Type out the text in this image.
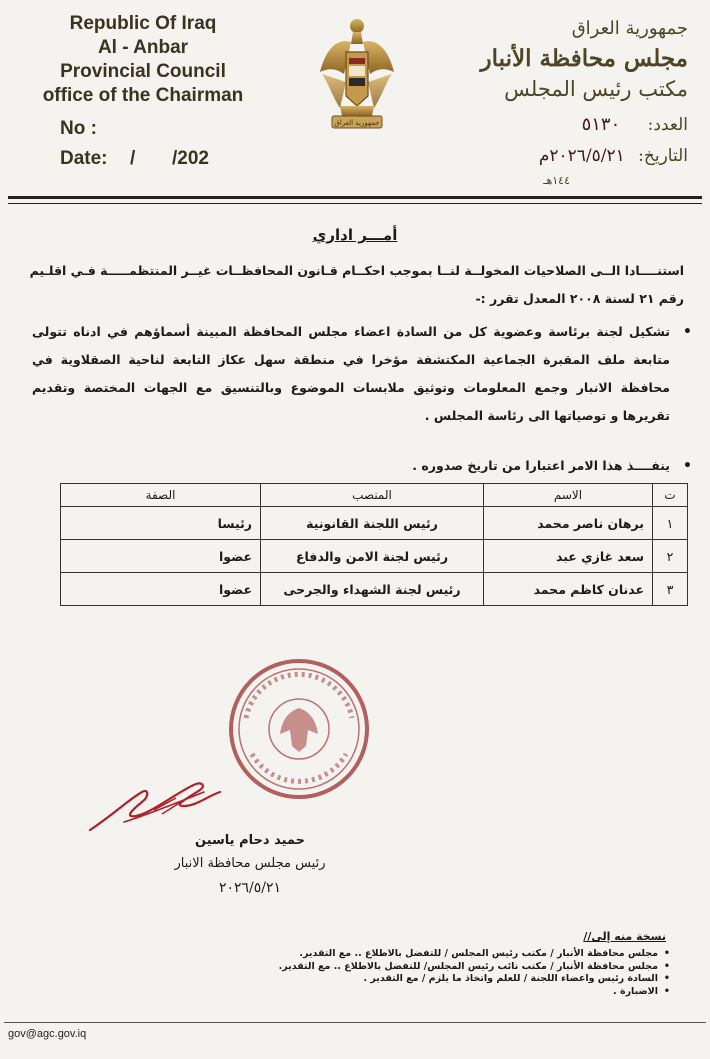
Republic Of Iraq
Al - Anbar
Provincial Council
office of the Chairman
No :
Date: / /202
جمهورية العراق
جمهورية العراق
مجلس محافظة الأنبار
مكتب رئيس المجلس
العدد: ٥١٣٠
التاريخ: ٢٠٢٦/٥/٢١م
١٤٤هـ
أمـــر اداري
استنــــادا الــى الصلاحيات المخولــة لنــا بموجب احكــام قـانون المحافظــات غيــر المنتظمـــــة فـي اقلـيم
رقم ٢١ لسنة ٢٠٠٨ المعدل تقرر :-
•
تشكيل لجنة برئاسة وعضوية كل من السادة اعضاء مجلس المحافظة المبينة أسماؤهم في ادناه تتولى متابعة ملف المقبرة الجماعية المكتشفة مؤخرا في منطقة سهل عكاز التابعة لناحية الصقلاوية في محافظة الانبار وجمع المعلومات وتوثيق ملابسات الموضوع وبالتنسيق مع الجهات المختصة وتقديم تقريرها و توصياتها الى رئاسة المجلس .
•
ينفــــذ هذا الامر اعتبارا من تاريخ صدوره .
ت	الاسم	المنصب	الصفة
١	برهان ناصر محمد	رئيس اللجنة القانونية	رئيسا
٢	سعد غازي عبد	رئيس لجنة الامن والدفاع	عضوا
٣	عدنان كاظم محمد	رئيس لجنة الشهداء والجرحى	عضوا
حميد دحام ياسين
رئيس مجلس محافظة الانبار
٢٠٢٦/٥/٢١
نسخة منه إلى//
• مجلس محافظة الأنبار / مكتب رئيس المجلس / للتفضل بالاطلاع .. مع التقدير.
• مجلس محافظة الأنبار / مكتب نائب رئيس المجلس/ للتفضل بالاطلاع .. مع التقدير.
• السادة رئيس واعضاء اللجنة / للعلم واتخاذ ما يلزم / مع التقدير .
• الاضبارة .
gov@agc.gov.iq
